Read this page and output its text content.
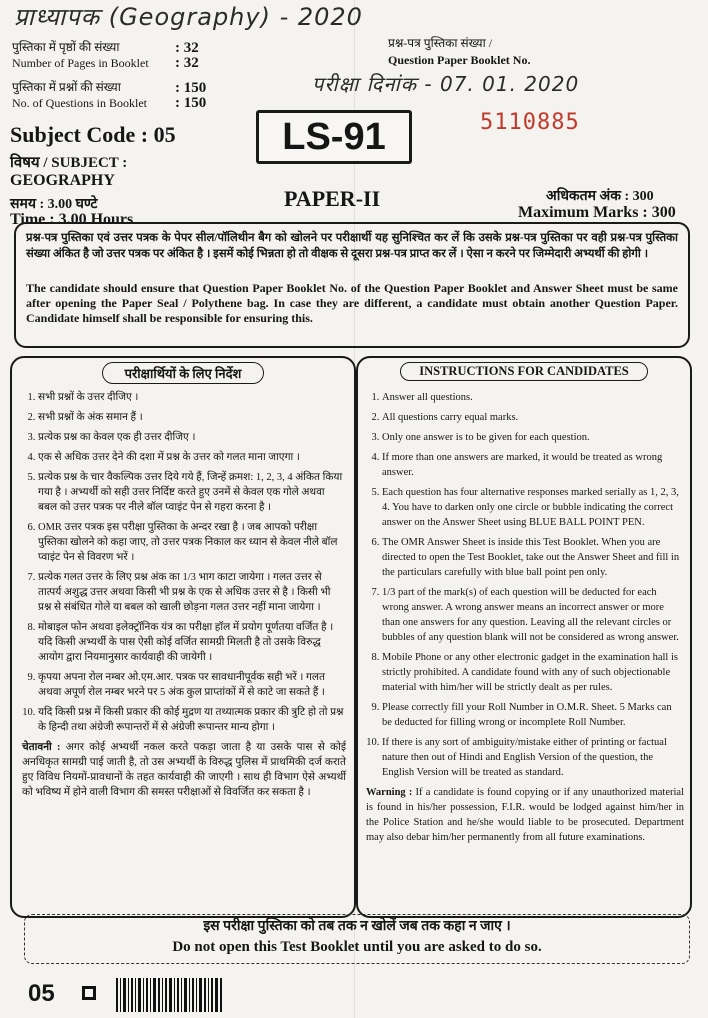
प्राध्यापक (Geography) - 2020
परीक्षा दिनांक - 07. 01. 2020
पुस्तिका में पृष्ठों की संख्या
Number of Pages in Booklet
: 32
: 32
पुस्तिका में प्रश्नों की संख्या
No. of Questions in Booklet
: 150
: 150
प्रश्न-पत्र पुस्तिका संख्या /
Question Paper Booklet No.
Subject Code : 05
विषय / SUBJECT :
GEOGRAPHY
समय : 3.00 घण्टे
Time : 3.00 Hours
LS-91	5110885
PAPER-II	अधिकतम अंक : 300
Maximum Marks : 300
प्रश्न-पत्र पुस्तिका एवं उत्तर पत्रक के पेपर सील/पॉलिथीन बैग को खोलने पर परीक्षार्थी यह सुनिश्चित कर लें कि उसके प्रश्न-पत्र पुस्तिका पर वही प्रश्न-पत्र पुस्तिका संख्या अंकित है जो उत्तर पत्रक पर अंकित है । इसमें कोई भिन्नता हो तो वीक्षक से दूसरा प्रश्न-पत्र प्राप्त कर लें । ऐसा न करने पर जिम्मेदारी अभ्यर्थी की होगी ।
The candidate should ensure that Question Paper Booklet No. of the Question Paper Booklet and Answer Sheet must be same after opening the Paper Seal / Polythene bag. In case they are different, a candidate must obtain another Question Paper. Candidate himself shall be responsible for ensuring this.
परीक्षार्थियों के लिए निर्देश
1. सभी प्रश्नों के उत्तर दीजिए ।
2. सभी प्रश्नों के अंक समान हैं ।
3. प्रत्येक प्रश्न का केवल एक ही उत्तर दीजिए ।
4. एक से अधिक उत्तर देने की दशा में प्रश्न के उत्तर को गलत माना जाएगा ।
5. प्रत्येक प्रश्न के चार वैकल्पिक उत्तर दिये गये हैं, जिन्हें क्रमश: 1, 2, 3, 4 अंकित किया गया है । अभ्यर्थी को सही उत्तर निर्दिष्ट करते हुए उनमें से केवल एक गोले अथवा बबल को उत्तर पत्रक पर नीले बॉल प्वाइंट पेन से गहरा करना है ।
6. OMR उत्तर पत्रक इस परीक्षा पुस्तिका के अन्दर रखा है । जब आपको परीक्षा पुस्तिका खोलने को कहा जाए, तो उत्तर पत्रक निकाल कर ध्यान से केवल नीले बॉल प्वाइंट पेन से विवरण भरें ।
7. प्रत्येक गलत उत्तर के लिए प्रश्न अंक का 1/3 भाग काटा जायेगा । गलत उत्तर से तात्पर्य अशुद्ध उत्तर अथवा किसी भी प्रश्न के एक से अधिक उत्तर से है । किसी भी प्रश्न से संबंधित गोले या बबल को खाली छोड़ना गलत उत्तर नहीं माना जायेगा ।
8. मोबाइल फोन अथवा इलेक्ट्रॉनिक यंत्र का परीक्षा हॉल में प्रयोग पूर्णतया वर्जित है । यदि किसी अभ्यर्थी के पास ऐसी कोई वर्जित सामग्री मिलती है तो उसके विरुद्ध आयोग द्वारा नियमानुसार कार्यवाही की जायेगी ।
9. कृपया अपना रोल नम्बर ओ.एम.आर. पत्रक पर सावधानीपूर्वक सही भरें । गलत अथवा अपूर्ण रोल नम्बर भरने पर 5 अंक कुल प्राप्तांकों में से काटे जा सकते हैं ।
10. यदि किसी प्रश्न में किसी प्रकार की कोई मुद्रण या तथ्यात्मक प्रकार की त्रुटि हो तो प्रश्न के हिन्दी तथा अंग्रेजी रूपान्तरों में से अंग्रेजी रूपान्तर मान्य होगा ।
चेतावनी : अगर कोई अभ्यर्थी नकल करते पकड़ा जाता है या उसके पास से कोई अनधिकृत सामग्री पाई जाती है, तो उस अभ्यर्थी के विरुद्ध पुलिस में प्राथमिकी दर्ज कराते हुए विविध नियमों-प्रावधानों के तहत कार्यवाही की जाएगी । साथ ही विभाग ऐसे अभ्यर्थी को भविष्य में होने वाली विभाग की समस्त परीक्षाओं से विवर्जित कर सकता है ।
INSTRUCTIONS FOR CANDIDATES
1. Answer all questions.
2. All questions carry equal marks.
3. Only one answer is to be given for each question.
4. If more than one answers are marked, it would be treated as wrong answer.
5. Each question has four alternative responses marked serially as 1, 2, 3, 4. You have to darken only one circle or bubble indicating the correct answer on the Answer Sheet using BLUE BALL POINT PEN.
6. The OMR Answer Sheet is inside this Test Booklet. When you are directed to open the Test Booklet, take out the Answer Sheet and fill in the particulars carefully with blue ball point pen only.
7. 1/3 part of the mark(s) of each question will be deducted for each wrong answer. A wrong answer means an incorrect answer or more than one answers for any question. Leaving all the relevant circles or bubbles of any question blank will not be considered as wrong answer.
8. Mobile Phone or any other electronic gadget in the examination hall is strictly prohibited. A candidate found with any of such objectionable material with him/her will be strictly dealt as per rules.
9. Please correctly fill your Roll Number in O.M.R. Sheet. 5 Marks can be deducted for filling wrong or incomplete Roll Number.
10. If there is any sort of ambiguity/mistake either of printing or factual nature then out of Hindi and English Version of the question, the English Version will be treated as standard.
Warning : If a candidate is found copying or if any unauthorized material is found in his/her possession, F.I.R. would be lodged against him/her in the Police Station and he/she would liable to be prosecuted. Department may also debar him/her permanently from all future examinations.
इस परीक्षा पुस्तिका को तब तक न खोलें जब तक कहा न जाए ।
Do not open this Test Booklet until you are asked to do so.
05
